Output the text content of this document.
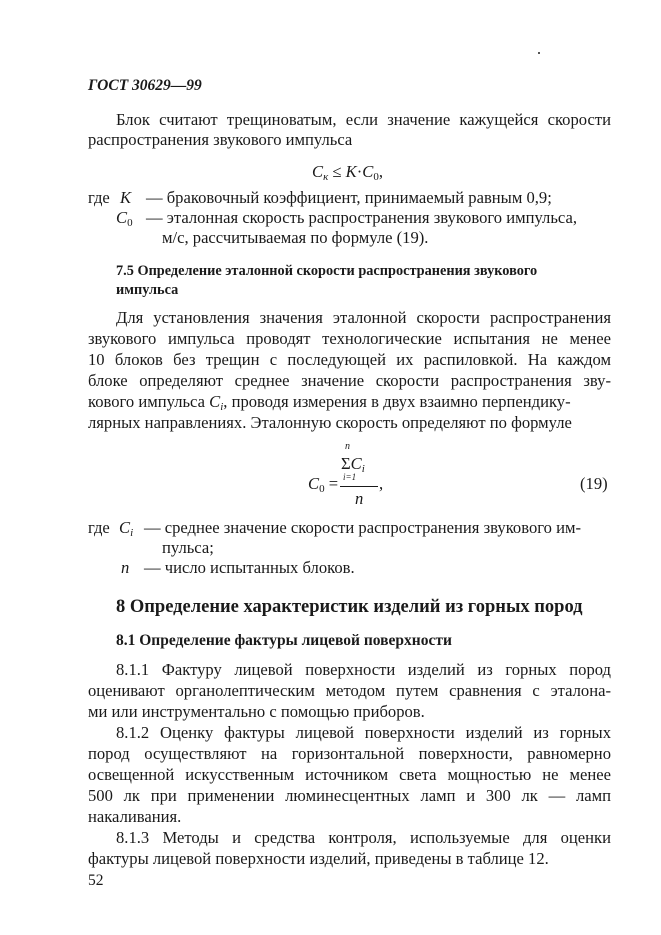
ГОСТ 30629—99
Блок считают трещиноватым, если значение кажущейся скорости
распространения звукового импульса
$C_к \le K\cdot C_0$,
где K — браковочный коэффициент, принимаемый равным 0,9;
$C_0$ — эталонная скорость распространения звукового импульса,
м/с, рассчитываемая по формуле (19).
7.5 Определение эталонной скорости распространения звукового
импульса
Для установления значения эталонной скорости распространения
звукового импульса проводят технологические испытания не менее
10 блоков без трещин с последующей их распиловкой. На каждом
блоке определяют среднее значение скорости распространения зву-
кового импульса $C_i$, проводя измерения в двух взаимно перпендику-
лярных направлениях. Эталонную скорость определяют по формуле
n
$\Sigma C_i$
i=1
$C_0$ = ,
n
(19)
где $C_i$ — среднее значение скорости распространения звукового им-
пульса;
n — число испытанных блоков.
8 Определение характеристик изделий из горных пород
8.1 Определение фактуры лицевой поверхности
8.1.1 Фактуру лицевой поверхности изделий из горных пород
оценивают органолептическим методом путем сравнения с эталона-
ми или инструментально с помощью приборов.
8.1.2 Оценку фактуры лицевой поверхности изделий из горных
пород осуществляют на горизонтальной поверхности, равномерно
освещенной искусственным источником света мощностью не менее
500 лк при применении люминесцентных ламп и 300 лк — ламп
накаливания.
8.1.3 Методы и средства контроля, используемые для оценки
фактуры лицевой поверхности изделий, приведены в таблице 12.
52
